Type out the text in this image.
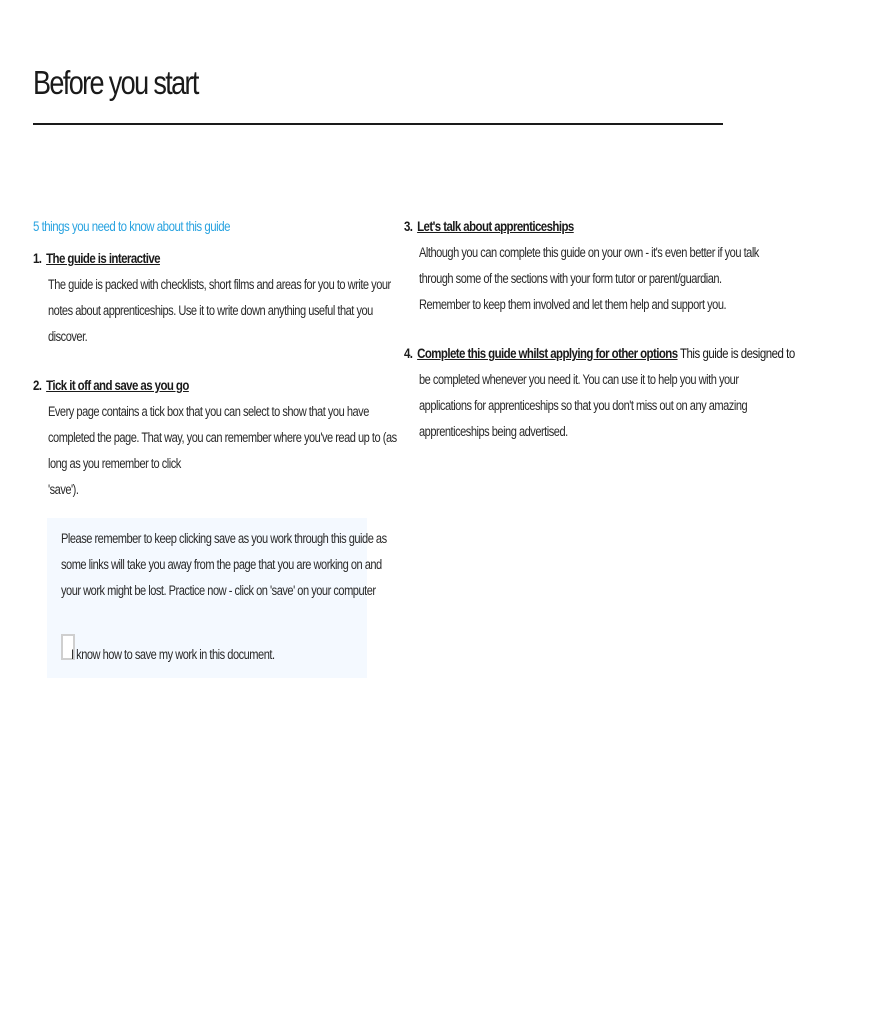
Before you start
5 things you need to know about this guide
1. The guide is interactive
The guide is packed with checklists, short films and areas for you to write your
notes about apprenticeships. Use it to write down anything useful that you
discover.
2. Tick it off and save as you go
Every page contains a tick box that you can select to show that you have
completed the page. That way, you can remember where you've read up to (as
long as you remember to click
'save').
Please remember to keep clicking save as you work through this guide as
some links will take you away from the page that you are working on and
your work might be lost. Practice now - click on 'save' on your computer
I know how to save my work in this document.
3. Let's talk about apprenticeships
Although you can complete this guide on your own - it's even better if you talk
through some of the sections with your form tutor or parent/guardian.
Remember to keep them involved and let them help and support you.
4. Complete this guide whilst applying for other options This guide is designed to
be completed whenever you need it. You can use it to help you with your
applications for apprenticeships so that you don't miss out on any amazing
apprenticeships being advertised.
